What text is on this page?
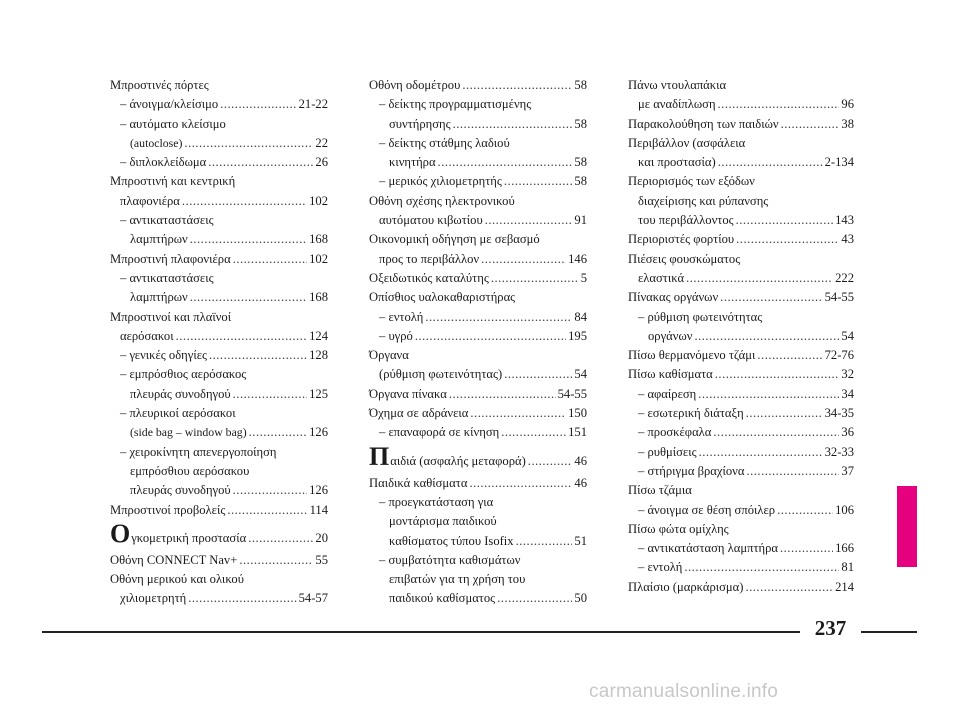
Μπροστινές πόρτες
– άνοιγμα/κλείσιμο .....	21-22
– αυτόματο κλείσιμο
(autoclose) .....	22
– διπλοκλείδωμα .....	26
Μπροστινή και κεντρική
πλαφονιέρα .....	102
– αντικαταστάσεις
λαμπτήρων .....	168
Μπροστινή πλαφονιέρα .....	102
– αντικαταστάσεις
λαμπτήρων .....	168
Μπροστινοί και πλαϊνοί
αερόσακοι .....	124
– γενικές οδηγίες .....	128
– εμπρόσθιος αερόσακος
πλευράς συνοδηγού .....	125
– πλευρικοί αερόσακοι
(side bag – window bag) .....	126
– χειροκίνητη απενεργοποίηση
εμπρόσθιου αερόσακου
πλευράς συνοδηγού .....	126
Μπροστινοί προβολείς .....	114
Ο γκομετρική προστασία .....	20
Οθόνη CONNECT Nav+ .....	55
Οθόνη μερικού και ολικού
χιλιομετρητή .....	54-57
Οθόνη οδομέτρου .....	58
– δείκτης προγραμματισμένης
συντήρησης .....	58
– δείκτης στάθμης λαδιού
κινητήρα .....	58
– μερικός χιλιομετρητής .....	58
Οθόνη σχέσης ηλεκτρονικού
αυτόματου κιβωτίου .....	91
Οικονομική οδήγηση με σεβασμό
προς το περιβάλλον .....	146
Οξειδωτικός καταλύτης .....	5
Οπίσθιος υαλοκαθαριστήρας
– εντολή .....	84
– υγρό .....	195
Όργανα
(ρύθμιση φωτεινότητας) .....	54
Όργανα πίνακα .....	54-55
Όχημα σε αδράνεια .....	150
– επαναφορά σε κίνηση .....	151
Π αιδιά (ασφαλής μεταφορά) .....	46
Παιδικά καθίσματα .....	46
– προεγκατάσταση για
μοντάρισμα παιδικού
καθίσματος τύπου Isofix .....	51
– συμβατότητα καθισμάτων
επιβατών για τη χρήση του
παιδικού καθίσματος .....	50
Πάνω ντουλαπάκια
με αναδίπλωση .....	96
Παρακολούθηση των παιδιών .....	38
Περιβάλλον (ασφάλεια
και προστασία) .....	2-134
Περιορισμός των εξόδων
διαχείρισης και ρύπανσης
του περιβάλλοντος .....	143
Περιοριστές φορτίου .....	43
Πιέσεις φουσκώματος
ελαστικά .....	222
Πίνακας οργάνων .....	54-55
– ρύθμιση φωτεινότητας
οργάνων .....	54
Πίσω θερμανόμενο τζάμι .....	72-76
Πίσω καθίσματα .....	32
– αφαίρεση .....	34
– εσωτερική διάταξη .....	34-35
– προσκέφαλα .....	36
– ρυθμίσεις .....	32-33
– στήριγμα βραχίονα .....	37
Πίσω τζάμια
– άνοιγμα σε θέση σπόιλερ .....	106
Πίσω φώτα ομίχλης
– αντικατάσταση λαμπτήρα .....	166
– εντολή .....	81
Πλαίσιο (μαρκάρισμα) .....	214
237
carmanualsonline.info
